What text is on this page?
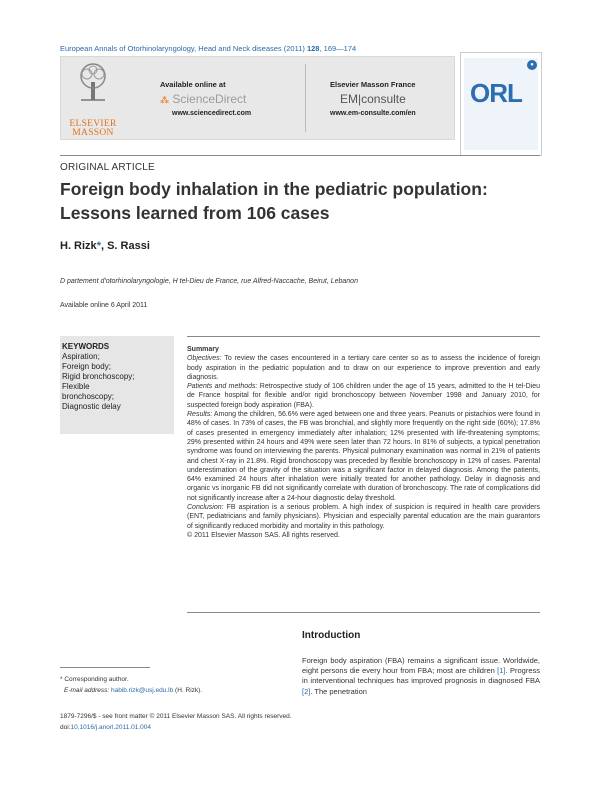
European Annals of Otorhinolaryngology, Head and Neck diseases (2011) 128, 169—174
ELSEVIER MASSON
Available online at
⁂ ScienceDirect
www.sciencedirect.com
Elsevier Masson France
EM|consulte
www.em-consulte.com/en
ORL
●
ORIGINAL ARTICLE
Foreign body inhalation in the pediatric population: Lessons learned from 106 cases
H. Rizk*, S. Rassi
D partement d'otorhinolaryngologie, H tel-Dieu de France, rue Alfred-Naccache, Beirut, Lebanon
Available online 6 April 2011
KEYWORDS
Aspiration;
Foreign body;
Rigid bronchoscopy;
Flexible
bronchoscopy;
Diagnostic delay

Summary

Objectives: To review the cases encountered in a tertiary care center so as to assess the incidence of foreign body aspiration in the pediatric population and to draw on our experience to improve prevention and early diagnosis.

Patients and methods: Retrospective study of 106 children under the age of 15 years, admitted to the H tel-Dieu de France hospital for flexible and/or rigid bronchoscopy between November 1998 and January 2010, for suspected foreign body aspiration (FBA).

Results: Among the children, 56.6% were aged between one and three years. Peanuts or pistachios were found in 48% of cases. In 73% of cases, the FB was bronchial, and slightly more frequently on the right side (60%); 17.8% of cases presented in emergency immediately after inhalation; 12% presented with life-threatening symptoms; 29% presented within 24 hours and 49% were seen later than 72 hours. In 81% of subjects, a typical penetration syndrome was found on interviewing the parents. Physical pulmonary examination was normal in 21% of patients and chest X-ray in 21.8%. Rigid bronchoscopy was preceded by flexible bronchoscopy in 12% of cases. Parental underestimation of the gravity of the situation was a significant factor in delayed diagnosis. Among the patients, 64% examined 24 hours after inhalation were initially treated for another pathology. Delay in diagnosis and organic vs inorganic FB did not significantly correlate with duration of bronchoscopy. The rate of complications did not significantly increase after a 24-hour diagnostic delay threshold.

Conclusion: FB aspiration is a serious problem. A high index of suspicion is required in health care providers (ENT, pediatricians and family physicians). Physician and especially parental education are the main guarantors of significantly reduced morbidity and mortality in this pathology.

© 2011 Elsevier Masson SAS. All rights reserved.

Introduction
Foreign body aspiration (FBA) remains a significant issue. Worldwide, eight persons die every hour from FBA; most are children [1]. Progress in interventional techniques has improved prognosis in diagnosed FBA [2]. The penetration
* Corresponding author.
E-mail address: habib.rizk@usj.edu.lb (H. Rizk).
1879-7296/$ - see front matter © 2011 Elsevier Masson SAS. All rights reserved.
doi:10.1016/j.anorl.2011.01.004
